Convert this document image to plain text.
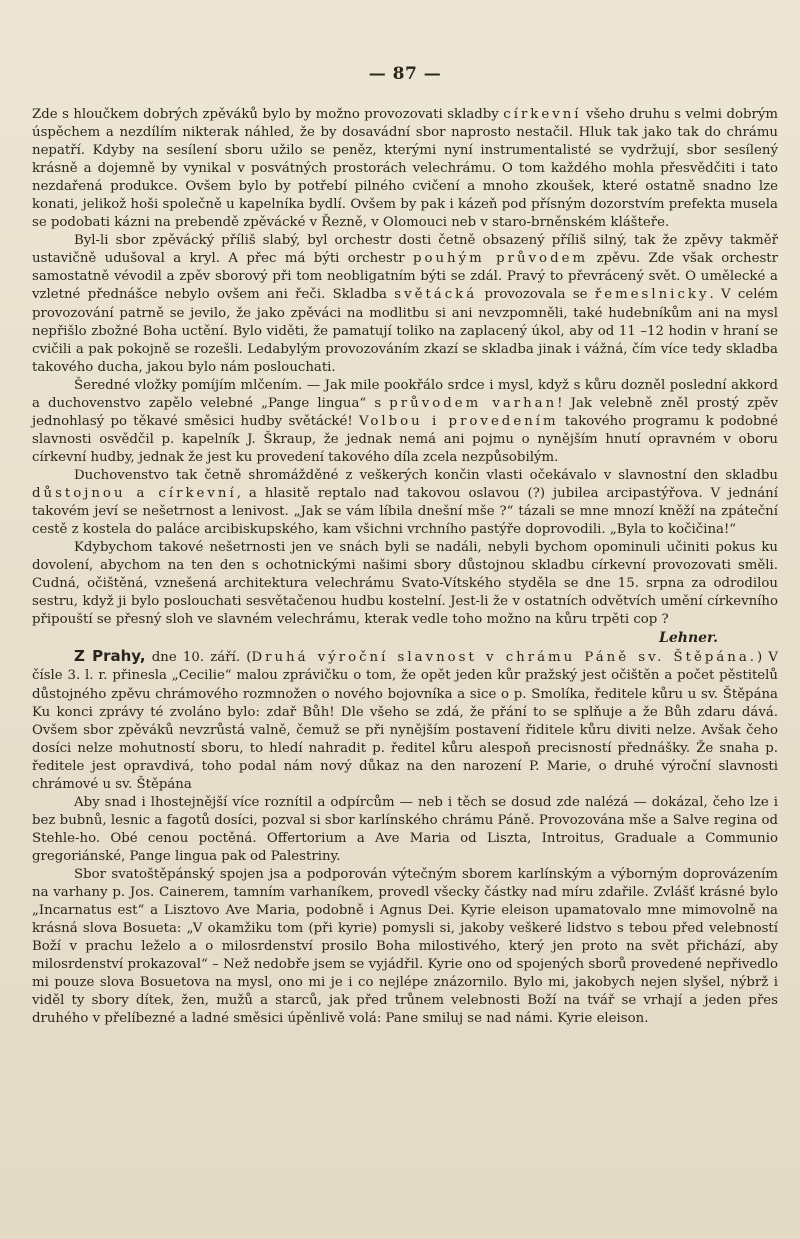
— 87 —

Zde s hloučkem dobrých zpěváků bylo by možno provozovati skladby církevní všeho druhu s velmi dobrým úspěchem a nezdílím nikterak náhled, že by dosavádní sbor naprosto nestačil. Hluk tak jako tak do chrámu nepatří. Kdyby na sesílení sboru užilo se peněz, kterými nyní instrumentalisté se vydržují, sbor sesílený krásně a dojemně by vynikal v posvátných prostorách velechrámu. O tom každého mohla přesvědčiti i tato nezdařená produkce. Ovšem bylo by potřebí pilného cvičení a mnoho zkoušek, které ostatně snadno lze konati, jelikož hoši společně u kapelníka bydlí. Ovšem by pak i kázeň pod přísným dozorstvím prefekta musela se podobati kázni na prebendě zpěvácké v Řezně, v Olomouci neb v staro-brněnském klášteře.

Byl-li sbor zpěvácký příliš slabý, byl orchestr dosti četně obsazený příliš silný, tak že zpěvy takměř ustavičně udušoval a kryl. A přec má býti orchestr pouhým průvodem zpěvu. Zde však orchestr samostatně vévodil a zpěv sborový při tom neobligatním býti se zdál. Pravý to převrácený svět. O umělecké a vzletné přednášce nebylo ovšem ani řeči. Skladba světácká provozovala se řemeslnicky. V celém provozování patrně se jevilo, že jako zpěváci na modlitbu si ani nevzpomněli, také hudebníkům ani na mysl nepřišlo zbožné Boha uctění. Bylo viděti, že pamatují toliko na zaplacený úkol, aby od 11 –12 hodin v hraní se cvičili a pak pokojně se rozešli. Ledabylým provozováním zkazí se skladba jinak i vážná, čím více tedy skladba takového ducha, jakou bylo nám poslouchati.

Šeredné vložky pomíjím mlčením. — Jak mile pookřálo srdce i mysl, když s kůru dozněl poslední akkord a duchovenstvo zapělo velebné „Pange lingua“ s průvodem varhan! Jak velebně zněl prostý zpěv jednohlasý po těkavé směsici hudby světácké! Volbou i provedením takového programu k podobné slavnosti osvědčil p. kapelník J. Škraup, že jednak nemá ani pojmu o nynějším hnutí opravném v oboru církevní hudby, jednak že jest ku provedení takového díla zcela nezpůsobilým.

Duchovenstvo tak četně shromážděné z veškerých končin vlasti očekávalo v slavnostní den skladbu důstojnou a církevní, a hlasitě reptalo nad takovou oslavou (?) jubilea arcipastýřova. V jednání takovém jeví se nešetrnost a lenivost. „Jak se vám líbila dnešní mše ?“ tázali se mne mnozí kněží na zpáteční cestě z kostela do paláce arcibiskupského, kam všichni vrchního pastýře doprovodili. „Byla to kočičina!“

Kdybychom takové nešetrnosti jen ve snách byli se nadáli, nebyli bychom opominuli učiniti pokus ku dovolení, abychom na ten den s ochotnickými našimi sbory důstojnou skladbu církevní provozovati směli. Cudná, očištěná, vznešená architektura velechrámu Svato-Vítského styděla se dne 15. srpna za odrodilou sestru, když ji bylo poslouchati sesvětačenou hudbu kostelní. Jest-li že v ostatních odvětvích umění církevního připouští se přesný sloh ve slavném velechrámu, kterak vedle toho možno na kůru trpěti cop ?
Lehner.

Z Prahy, dne 10. září. (Druhá výroční slavnost v chrámu Páně sv. Štěpána.) V čísle 3. l. r. přinesla „Cecilie“ malou zprávičku o tom, že opět jeden kůr pražský jest očištěn a počet pěstitelů důstojného zpěvu chrámového rozmnožen o nového bojovníka a sice o p. Smolíka, ředitele kůru u sv. Štěpána Ku konci zprávy té zvoláno bylo: zdař Bůh! Dle všeho se zdá, že přání to se splňuje a že Bůh zdaru dává. Ovšem sbor zpěváků nevzrůstá valně, čemuž se při nynějším postavení řiditele kůru diviti nelze. Avšak čeho dosíci nelze mohutností sboru, to hledí nahradit p. ředitel kůru alespoň precisností přednášky. Že snaha p. ředitele jest opravdivá, toho podal nám nový důkaz na den narození P. Marie, o druhé výroční slavnosti chrámové u sv. Štěpána

Aby snad i lhostejnější více roznítil a odpírcům — neb i těch se dosud zde nalézá — dokázal, čeho lze i bez bubnů, lesnic a fagotů dosíci, pozval si sbor karlínského chrámu Páně. Provozována mše a Salve regina od Stehle-ho. Obé cenou poctěná. Offertorium a Ave Maria od Liszta, Introitus, Graduale a Communio gregoriánské, Pange lingua pak od Palestriny.

Sbor svatoštěpánský spojen jsa a podporován výtečným sborem karlínským a výborným doprovázením na varhany p. Jos. Cainerem, tamním varhaníkem, provedl všecky částky nad míru zdařile. Zvlášť krásné bylo „Incarnatus est“ a Lisztovo Ave Maria, podobně i Agnus Dei. Kyrie eleison upamatovalo mne mimovolně na krásná slova Bosueta: „V okamžiku tom (při kyrie) pomysli si, jakoby veškeré lidstvo s tebou před velebností Boží v prachu leželo a o milosrdenství prosilo Boha milostivého, který jen proto na svět přichází, aby milosrdenství prokazoval“ – Než nedobře jsem se vyjádřil. Kyrie ono od spojených sborů provedené nepřivedlo mi pouze slova Bosuetova na mysl, ono mi je i co nejlépe znázornilo. Bylo mi, jakobych nejen slyšel, nýbrž i viděl ty sbory dítek, žen, mužů a starců, jak před trůnem velebnosti Boží na tvář se vrhají a jeden přes druhého v přelíbezné a ladné směsici úpěnlivě volá: Pane smiluj se nad námi. Kyrie eleison.
